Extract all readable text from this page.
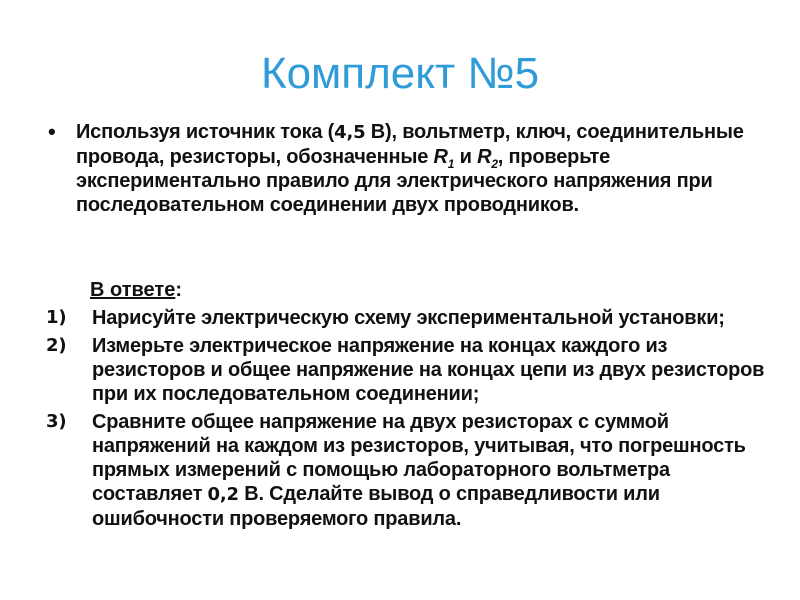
Комплект №5
• Используя источник тока (4,5 В), вольтметр, ключ, соединительные провода, резисторы, обозначенные $R_1$ и $R_2$, проверьте экспериментально правило для электрического напряжения при последовательном соединении двух проводников.
В ответе:
1) Нарисуйте электрическую схему экспериментальной установки;
2) Измерьте электрическое напряжение на концах каждого из резисторов и общее напряжение на концах цепи из двух резисторов при их последовательном соединении;
3) Сравните общее напряжение на двух резисторах с суммой напряжений на каждом из резисторов, учитывая, что погрешность прямых измерений с помощью лабораторного вольтметра составляет 0,2 В. Сделайте вывод о справедливости или ошибочности проверяемого правила.
